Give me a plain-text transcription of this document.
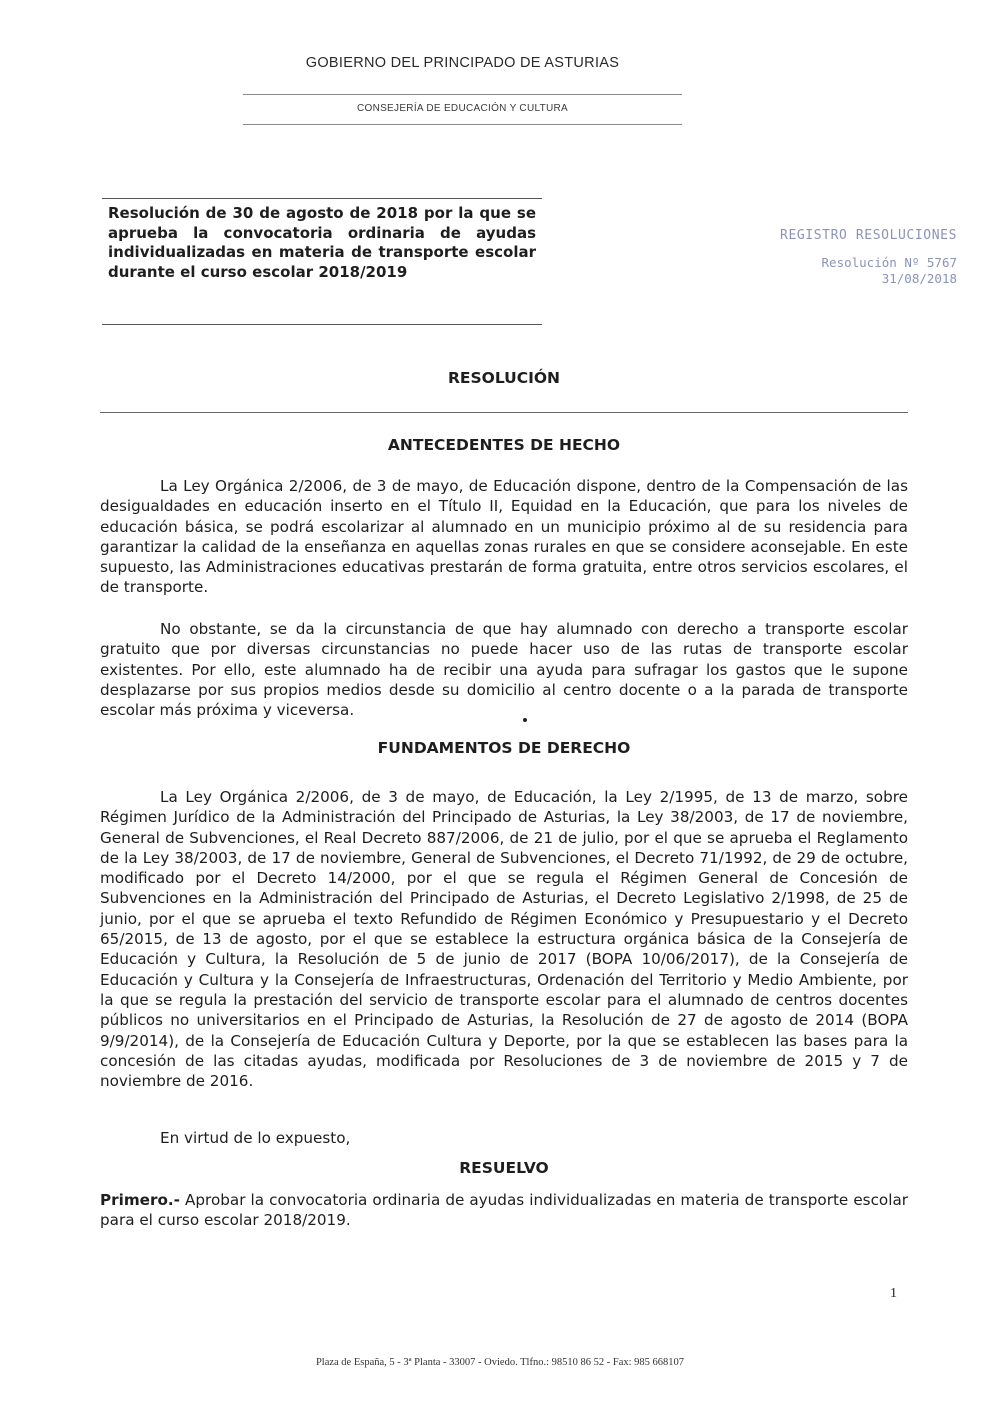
GOBIERNO DEL PRINCIPADO DE ASTURIAS
CONSEJERÍA DE EDUCACIÓN Y CULTURA
Resolución de 30 de agosto de 2018 por la que se aprueba la convocatoria ordinaria de ayudas individualizadas en materia de transporte escolar durante el curso escolar 2018/2019
REGISTRO RESOLUCIONES
Resolución Nº 5767
31/08/2018
RESOLUCIÓN
ANTECEDENTES DE HECHO

La Ley Orgánica 2/2006, de 3 de mayo, de Educación dispone, dentro de la Compensación de las desigualdades en educación inserto en el Título II, Equidad en la Educación, que para los niveles de educación básica, se podrá escolarizar al alumnado en un municipio próximo al de su residencia para garantizar la calidad de la enseñanza en aquellas zonas rurales en que se considere aconsejable. En este supuesto, las Administraciones educativas prestarán de forma gratuita, entre otros servicios escolares, el de transporte.

No obstante, se da la circunstancia de que hay alumnado con derecho a transporte escolar gratuito que por diversas circunstancias no puede hacer uso de las rutas de transporte escolar existentes. Por ello, este alumnado ha de recibir una ayuda para sufragar los gastos que le supone desplazarse por sus propios medios desde su domicilio al centro docente o a la parada de transporte escolar más próxima y viceversa.

FUNDAMENTOS DE DERECHO

La Ley Orgánica 2/2006, de 3 de mayo, de Educación, la Ley 2/1995, de 13 de marzo, sobre Régimen Jurídico de la Administración del Principado de Asturias, la Ley 38/2003, de 17 de noviembre, General de Subvenciones, el Real Decreto 887/2006, de 21 de julio, por el que se aprueba el Reglamento de la Ley 38/2003, de 17 de noviembre, General de Subvenciones, el Decreto 71/1992, de 29 de octubre, modificado por el Decreto 14/2000, por el que se regula el Régimen General de Concesión de Subvenciones en la Administración del Principado de Asturias, el Decreto Legislativo 2/1998, de 25 de junio, por el que se aprueba el texto Refundido de Régimen Económico y Presupuestario y el Decreto 65/2015, de 13 de agosto, por el que se establece la estructura orgánica básica de la Consejería de Educación y Cultura, la Resolución de 5 de junio de 2017 (BOPA 10/06/2017), de la Consejería de Educación y Cultura y la Consejería de Infraestructuras, Ordenación del Territorio y Medio Ambiente, por la que se regula la prestación del servicio de transporte escolar para el alumnado de centros docentes públicos no universitarios en el Principado de Asturias, la Resolución de 27 de agosto de 2014 (BOPA 9/9/2014), de la Consejería de Educación Cultura y Deporte, por la que se establecen las bases para la concesión de las citadas ayudas, modificada por Resoluciones de 3 de noviembre de 2015 y 7 de noviembre de 2016.

En virtud de lo expuesto,

RESUELVO

Primero.- Aprobar la convocatoria ordinaria de ayudas individualizadas en materia de transporte escolar para el curso escolar 2018/2019.

1
Plaza de España, 5 - 3ª Planta - 33007 - Oviedo. Tlfno.: 98510 86 52 - Fax: 985 668107
